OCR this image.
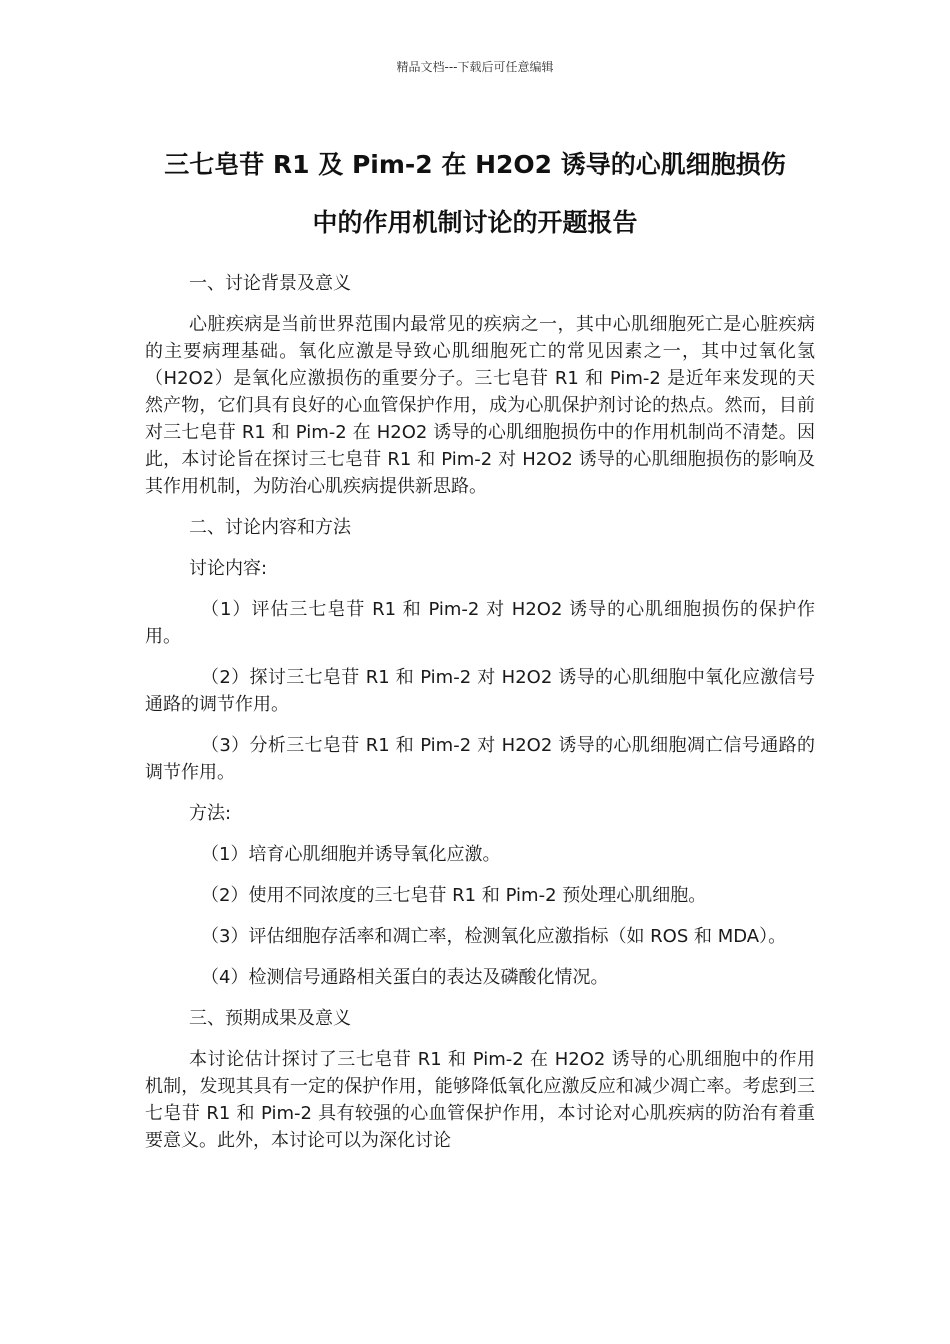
精品文档---下载后可任意编辑
三七皂苷 R1 及 Pim-2 在 H2O2 诱导的心肌细胞损伤
中的作用机制讨论的开题报告

一、讨论背景及意义

心脏疾病是当前世界范围内最常见的疾病之一，其中心肌细胞死亡是心脏疾病的主要病理基础。氧化应激是导致心肌细胞死亡的常见因素之一，其中过氧化氢（H2O2）是氧化应激损伤的重要分子。三七皂苷 R1 和 Pim-2 是近年来发现的天然产物，它们具有良好的心血管保护作用，成为心肌保护剂讨论的热点。然而，目前对三七皂苷 R1 和 Pim-2 在 H2O2 诱导的心肌细胞损伤中的作用机制尚不清楚。因此，本讨论旨在探讨三七皂苷 R1 和 Pim-2 对 H2O2 诱导的心肌细胞损伤的影响及其作用机制，为防治心肌疾病提供新思路。

二、讨论内容和方法

讨论内容:

（1）评估三七皂苷 R1 和 Pim-2 对 H2O2 诱导的心肌细胞损伤的保护作用。

（2）探讨三七皂苷 R1 和 Pim-2 对 H2O2 诱导的心肌细胞中氧化应激信号通路的调节作用。

（3）分析三七皂苷 R1 和 Pim-2 对 H2O2 诱导的心肌细胞凋亡信号通路的调节作用。

方法:

（1）培育心肌细胞并诱导氧化应激。

（2）使用不同浓度的三七皂苷 R1 和 Pim-2 预处理心肌细胞。

（3）评估细胞存活率和凋亡率，检测氧化应激指标（如 ROS 和 MDA）。

（4）检测信号通路相关蛋白的表达及磷酸化情况。

三、预期成果及意义

本讨论估计探讨了三七皂苷 R1 和 Pim-2 在 H2O2 诱导的心肌细胞中的作用机制，发现其具有一定的保护作用，能够降低氧化应激反应和减少凋亡率。考虑到三七皂苷 R1 和 Pim-2 具有较强的心血管保护作用，本讨论对心肌疾病的防治有着重要意义。此外，本讨论可以为深化讨论
